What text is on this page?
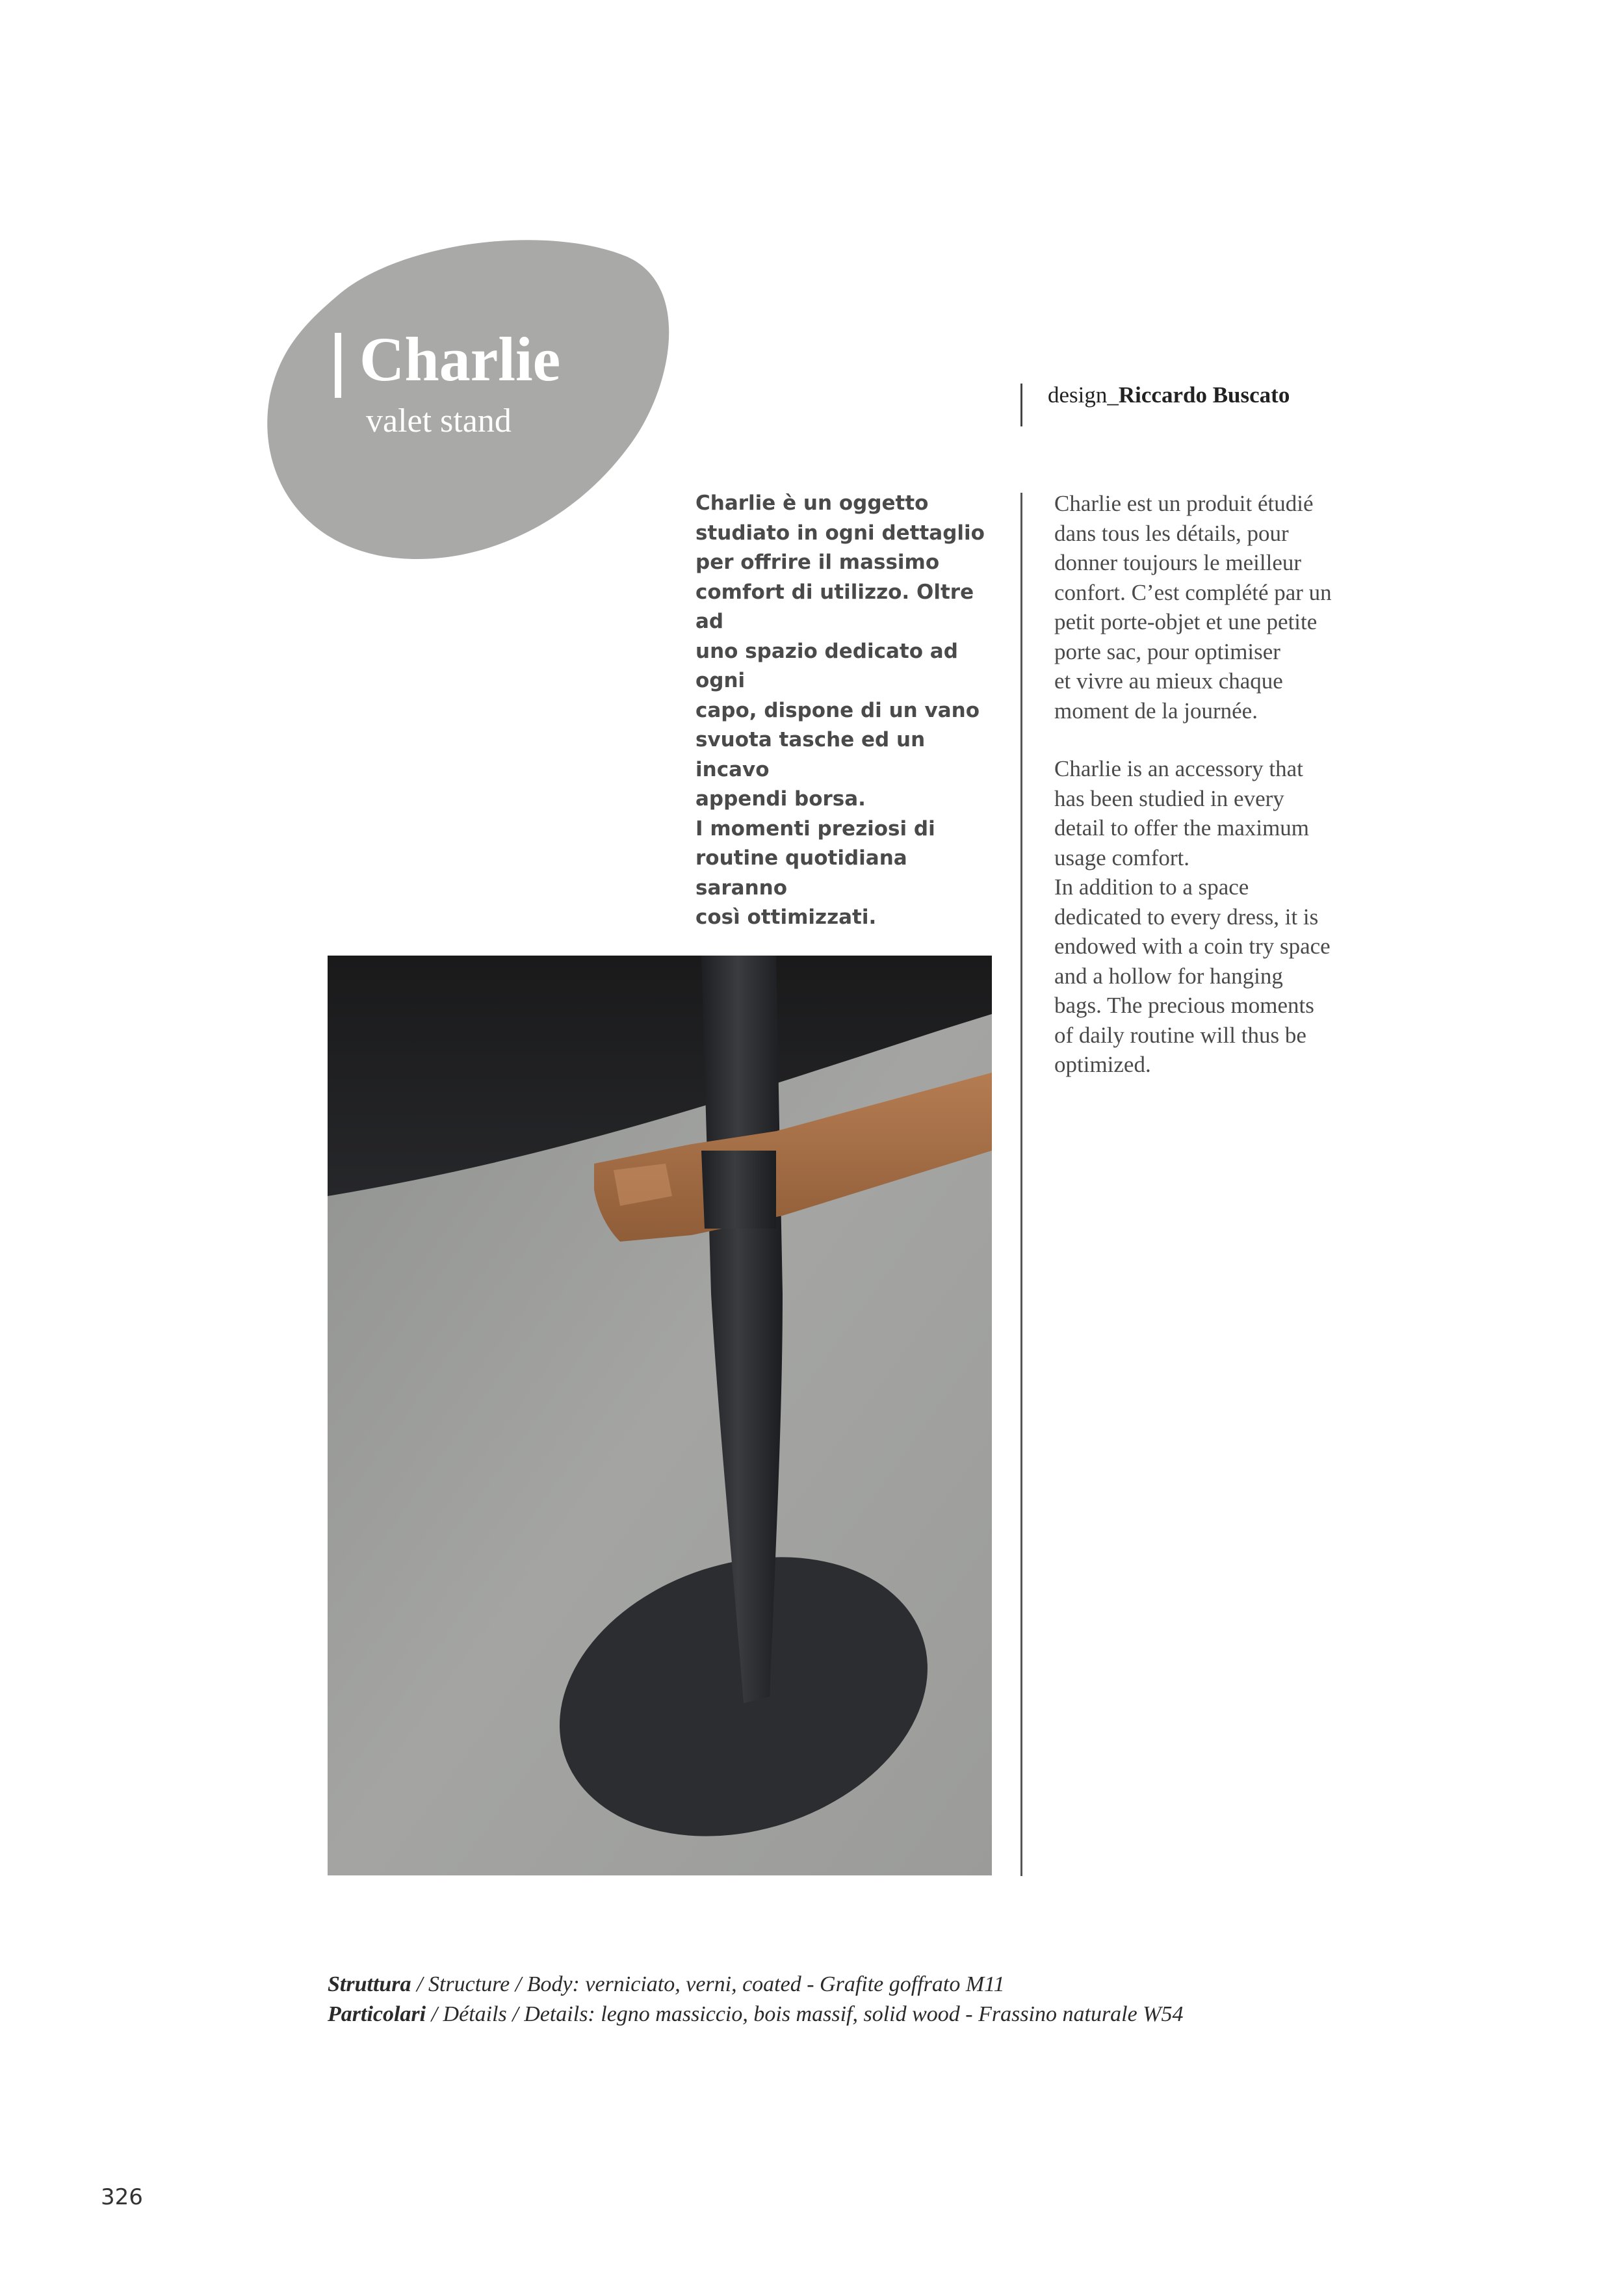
Charlie
valet stand
design_Riccardo Buscato
Charlie è un oggetto
studiato in ogni dettaglio
per offrire il massimo
comfort di utilizzo. Oltre ad
uno spazio dedicato ad ogni
capo, dispone di un vano
svuota tasche ed un incavo
appendi borsa.
I momenti preziosi di
routine quotidiana saranno
così ottimizzati.
Charlie est un produit étudié
dans tous les détails, pour
donner toujours le meilleur
confort. C’est complété par un
petit porte-objet et une petite
porte sac, pour optimiser
et vivre au mieux chaque
moment de la journée.
Charlie is an accessory that
has been studied in every
detail to offer the maximum
usage comfort.
In addition to a space
dedicated to every dress, it is
endowed with a coin try space
and a hollow for hanging
bags. The precious moments
of daily routine will thus be
optimized.
Struttura / Structure / Body: verniciato, verni, coated - Grafite goffrato M11
Particolari / Détails / Details: legno massiccio, bois massif, solid wood - Frassino naturale W54
326
